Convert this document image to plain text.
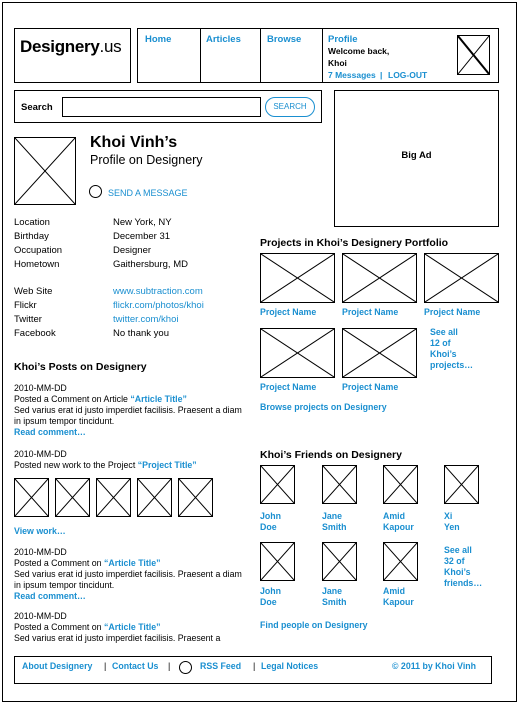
Designery.us Home	Articles	Browse	Profile
Welcome back,
Khoi
7 Messages | LOG-OUT
Search	SEARCH
Big Ad
Khoi Vinh’s
Profile on Designery
SEND A MESSAGE
Location	New York, NY
Birthday	December 31
Occupation	Designer
Hometown	Gaithersburg, MD
Web Site	www.subtraction.com
Flickr	flickr.com/photos/khoi
Twitter	twitter.com/khoi
Facebook	No thank you
Khoi’s Posts on Designery
2010-MM-DD
Posted a Comment on Article “Article Title”
Sed varius erat id justo imperdiet facilisis. Praesent a diam in ipsum tempor tincidunt.
Read comment…
2010-MM-DD
Posted new work to the Project “Project Title”
View work…
2010-MM-DD
Posted a Comment on “Article Title”
Sed varius erat id justo imperdiet facilisis. Praesent a diam in ipsum tempor tincidunt.
Read comment…
2010-MM-DD
Posted a Comment on “Article Title”
Sed varius erat id justo imperdiet facilisis. Praesent a
Projects in Khoi’s Designery Portfolio
Project Name	Project Name	Project Name
Project Name	Project Name
See all
12 of
Khoi’s
projects…
Browse projects on Designery
Khoi’s Friends on Designery
John
Doe
Jane
Smith
Amid
Kapour
Xi
Yen
John
Doe
Jane
Smith
Amid
Kapour
See all
32 of
Khoi’s
friends…
Find people on Designery
About Designery | Contact Us |	RSS Feed | Legal Notices	© 2011 by Khoi Vinh
